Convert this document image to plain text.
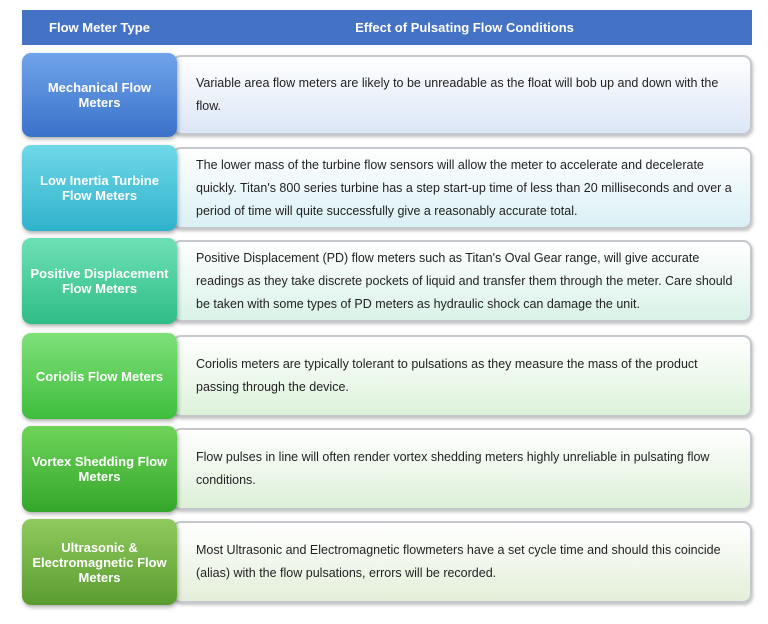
Flow Meter Type	Effect of Pulsating Flow Conditions
Mechanical Flow Meters
Variable area flow meters are likely to be unreadable as the float will bob up and down with the flow.
Low Inertia Turbine Flow Meters
The lower mass of the turbine flow sensors will allow the meter to accelerate and decelerate quickly. Titan's 800 series turbine has a step start-up time of less than 20 milliseconds and over a period of time will quite successfully give a reasonably accurate total.
Positive Displacement Flow Meters
Positive Displacement (PD) flow meters such as Titan's Oval Gear range, will give accurate readings as they take discrete pockets of liquid and transfer them through the meter. Care should be taken with some types of PD meters as hydraulic shock can damage the unit.
Coriolis Flow Meters
Coriolis meters are typically tolerant to pulsations as they measure the mass of the product passing through the device.
Vortex Shedding Flow Meters
Flow pulses in line will often render vortex shedding meters highly unreliable in pulsating flow conditions.
Ultrasonic & Electromagnetic Flow Meters
Most Ultrasonic and Electromagnetic flowmeters have a set cycle time and should this coincide (alias) with the flow pulsations, errors will be recorded.
